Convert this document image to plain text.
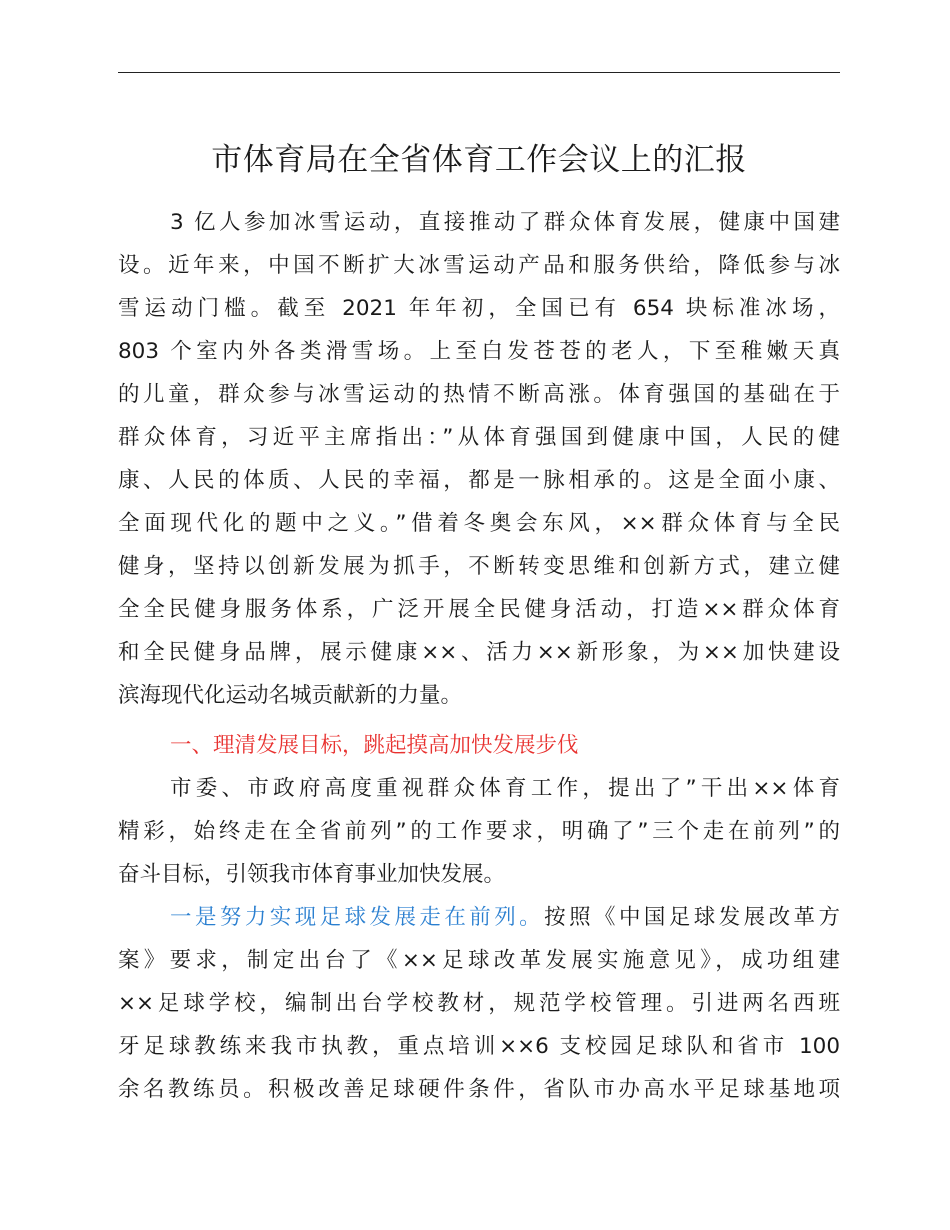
市体育局在全省体育工作会议上的汇报
3 亿人参加冰雪运动，直接推动了群众体育发展，健康中国建
设。近年来，中国不断扩大冰雪运动产品和服务供给，降低参与冰
雪运动门槛。截至 2021 年年初，全国已有 654 块标准冰场，
803 个室内外各类滑雪场。上至白发苍苍的老人，下至稚嫩天真
的儿童，群众参与冰雪运动的热情不断高涨。体育强国的基础在于
群众体育，习近平主席指出：”从体育强国到健康中国，人民的健
康、人民的体质、人民的幸福，都是一脉相承的。这是全面小康、
全面现代化的题中之义。”借着冬奥会东风，××群众体育与全民
健身，坚持以创新发展为抓手，不断转变思维和创新方式，建立健
全全民健身服务体系，广泛开展全民健身活动，打造××群众体育
和全民健身品牌，展示健康××、活力××新形象，为××加快建设
滨海现代化运动名城贡献新的力量。
一、理清发展目标，跳起摸高加快发展步伐
市委、市政府高度重视群众体育工作，提出了”干出××体育
精彩，始终走在全省前列”的工作要求，明确了”三个走在前列”的
奋斗目标，引领我市体育事业加快发展。
一是努力实现足球发展走在前列。按照《中国足球发展改革方
案》要求，制定出台了《××足球改革发展实施意见》，成功组建
××足球学校，编制出台学校教材，规范学校管理。引进两名西班
牙足球教练来我市执教，重点培训××6 支校园足球队和省市 100
余名教练员。积极改善足球硬件条件，省队市办高水平足球基地项
